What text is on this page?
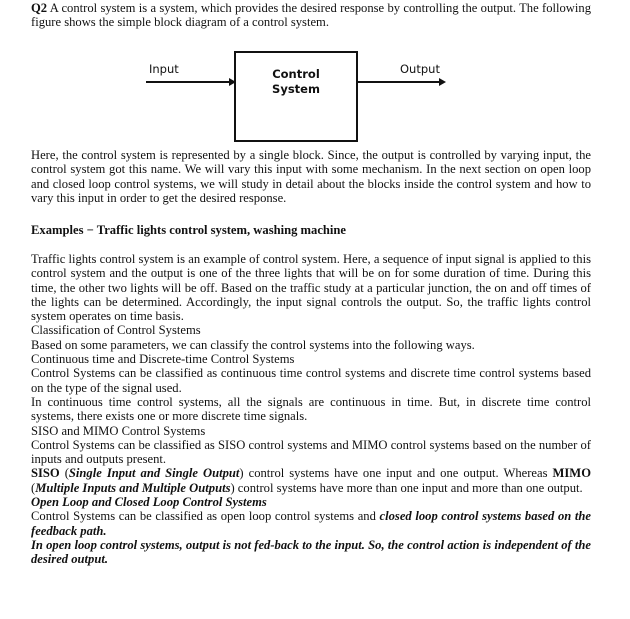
Q2 A control system is a system, which provides the desired response by controlling the output. The following figure shows the simple block diagram of a control system.

Input	Control
System
Output

Here, the control system is represented by a single block. Since, the output is controlled by varying input, the control system got this name. We will vary this input with some mechanism. In the next section on open loop and closed loop control systems, we will study in detail about the blocks inside the control system and how to vary this input in order to get the desired response.

Examples − Traffic lights control system, washing machine

Traffic lights control system is an example of control system. Here, a sequence of input signal is applied to this control system and the output is one of the three lights that will be on for some duration of time. During this time, the other two lights will be off. Based on the traffic study at a particular junction, the on and off times of the lights can be determined. Accordingly, the input signal controls the output. So, the traffic lights control system operates on time basis.

Classification of Control Systems

Based on some parameters, we can classify the control systems into the following ways.

Continuous time and Discrete-time Control Systems

Control Systems can be classified as continuous time control systems and discrete time control systems based on the type of the signal used.

In continuous time control systems, all the signals are continuous in time. But, in discrete time control systems, there exists one or more discrete time signals.

SISO and MIMO Control Systems

Control Systems can be classified as SISO control systems and MIMO control systems based on the number of inputs and outputs present.

SISO (Single Input and Single Output) control systems have one input and one output. Whereas MIMO (Multiple Inputs and Multiple Outputs) control systems have more than one input and more than one output.

Open Loop and Closed Loop Control Systems

Control Systems can be classified as open loop control systems and closed loop control systems based on the feedback path.

In open loop control systems, output is not fed-back to the input. So, the control action is independent of the desired output.
